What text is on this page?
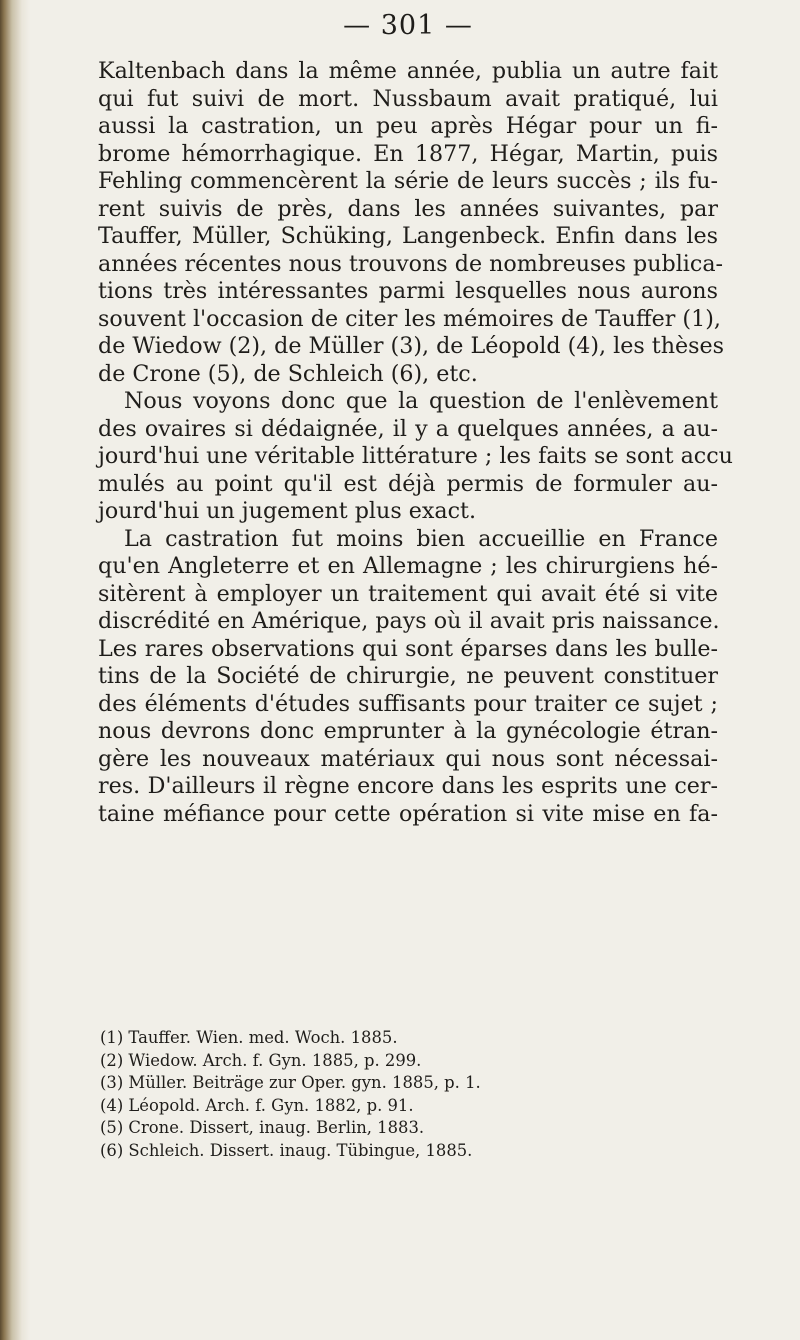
— 301 —
Kaltenbach dans la même année, publia un autre fait
qui fut suivi de mort. Nussbaum avait pratiqué, lui
aussi la castration, un peu après Hégar pour un fi-
brome hémorrhagique. En 1877, Hégar, Martin, puis
Fehling commencèrent la série de leurs succès ; ils fu-
rent suivis de près, dans les années suivantes, par
Tauffer, Müller, Schüking, Langenbeck. Enfin dans les
années récentes nous trouvons de nombreuses publica-
tions très intéressantes parmi lesquelles nous aurons
souvent l'occasion de citer les mémoires de Tauffer (1),
de Wiedow (2), de Müller (3), de Léopold (4), les thèses
de Crone (5), de Schleich (6), etc.
Nous voyons donc que la question de l'enlèvement
des ovaires si dédaignée, il y a quelques années, a au-
jourd'hui une véritable littérature ; les faits se sont accu
mulés au point qu'il est déjà permis de formuler au-
jourd'hui un jugement plus exact.
La castration fut moins bien accueillie en France
qu'en Angleterre et en Allemagne ; les chirurgiens hé-
sitèrent à employer un traitement qui avait été si vite
discrédité en Amérique, pays où il avait pris naissance.
Les rares observations qui sont éparses dans les bulle-
tins de la Société de chirurgie, ne peuvent constituer
des éléments d'études suffisants pour traiter ce sujet ;
nous devrons donc emprunter à la gynécologie étran-
gère les nouveaux matériaux qui nous sont nécessai-
res. D'ailleurs il règne encore dans les esprits une cer-
taine méfiance pour cette opération si vite mise en fa-
(1) Tauffer. Wien. med. Woch. 1885.
(2) Wiedow. Arch. f. Gyn. 1885, p. 299.
(3) Müller. Beiträge zur Oper. gyn. 1885, p. 1.
(4) Léopold. Arch. f. Gyn. 1882, p. 91.
(5) Crone. Dissert, inaug. Berlin, 1883.
(6) Schleich. Dissert. inaug. Tübingue, 1885.
